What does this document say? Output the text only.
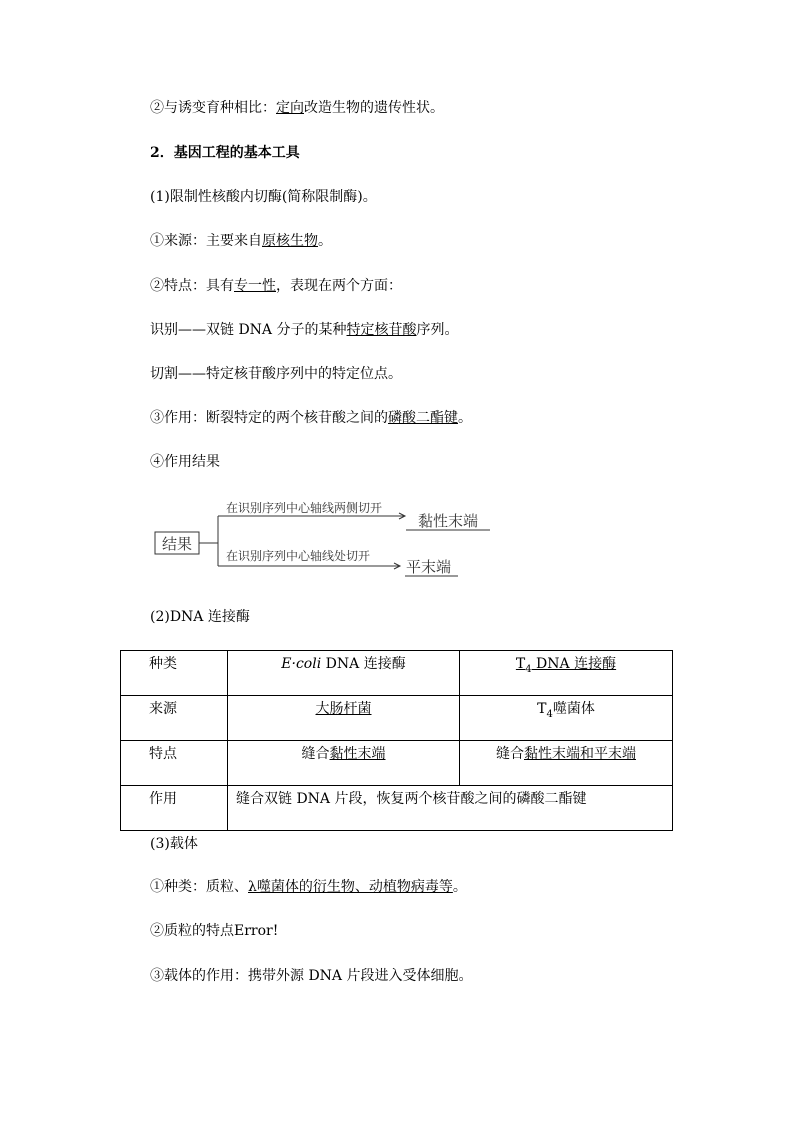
②与诱变育种相比：定向改造生物的遗传性状。
2．基因工程的基本工具
(1)限制性核酸内切酶(简称限制酶)。
①来源：主要来自原核生物。
②特点：具有专一性，表现在两个方面：
识别——双链 DNA 分子的某种特定核苷酸序列。
切割——特定核苷酸序列中的特定位点。
③作用：断裂特定的两个核苷酸之间的磷酸二酯键。
④作用结果
结果
在识别序列中心轴线两侧切开
黏性末端
在识别序列中心轴线处切开
平末端
(2)DNA 连接酶
种类	E·coli DNA 连接酶	$T_4$ DNA 连接酶
来源	大肠杆菌	$T_4$噬菌体
特点	缝合黏性末端	缝合黏性末端和平末端
作用	缝合双链 DNA 片段，恢复两个核苷酸之间的磷酸二酯键	
(3)载体
①种类：质粒、λ噬菌体的衍生物、动植物病毒等。
②质粒的特点Error!
③载体的作用：携带外源 DNA 片段进入受体细胞。
